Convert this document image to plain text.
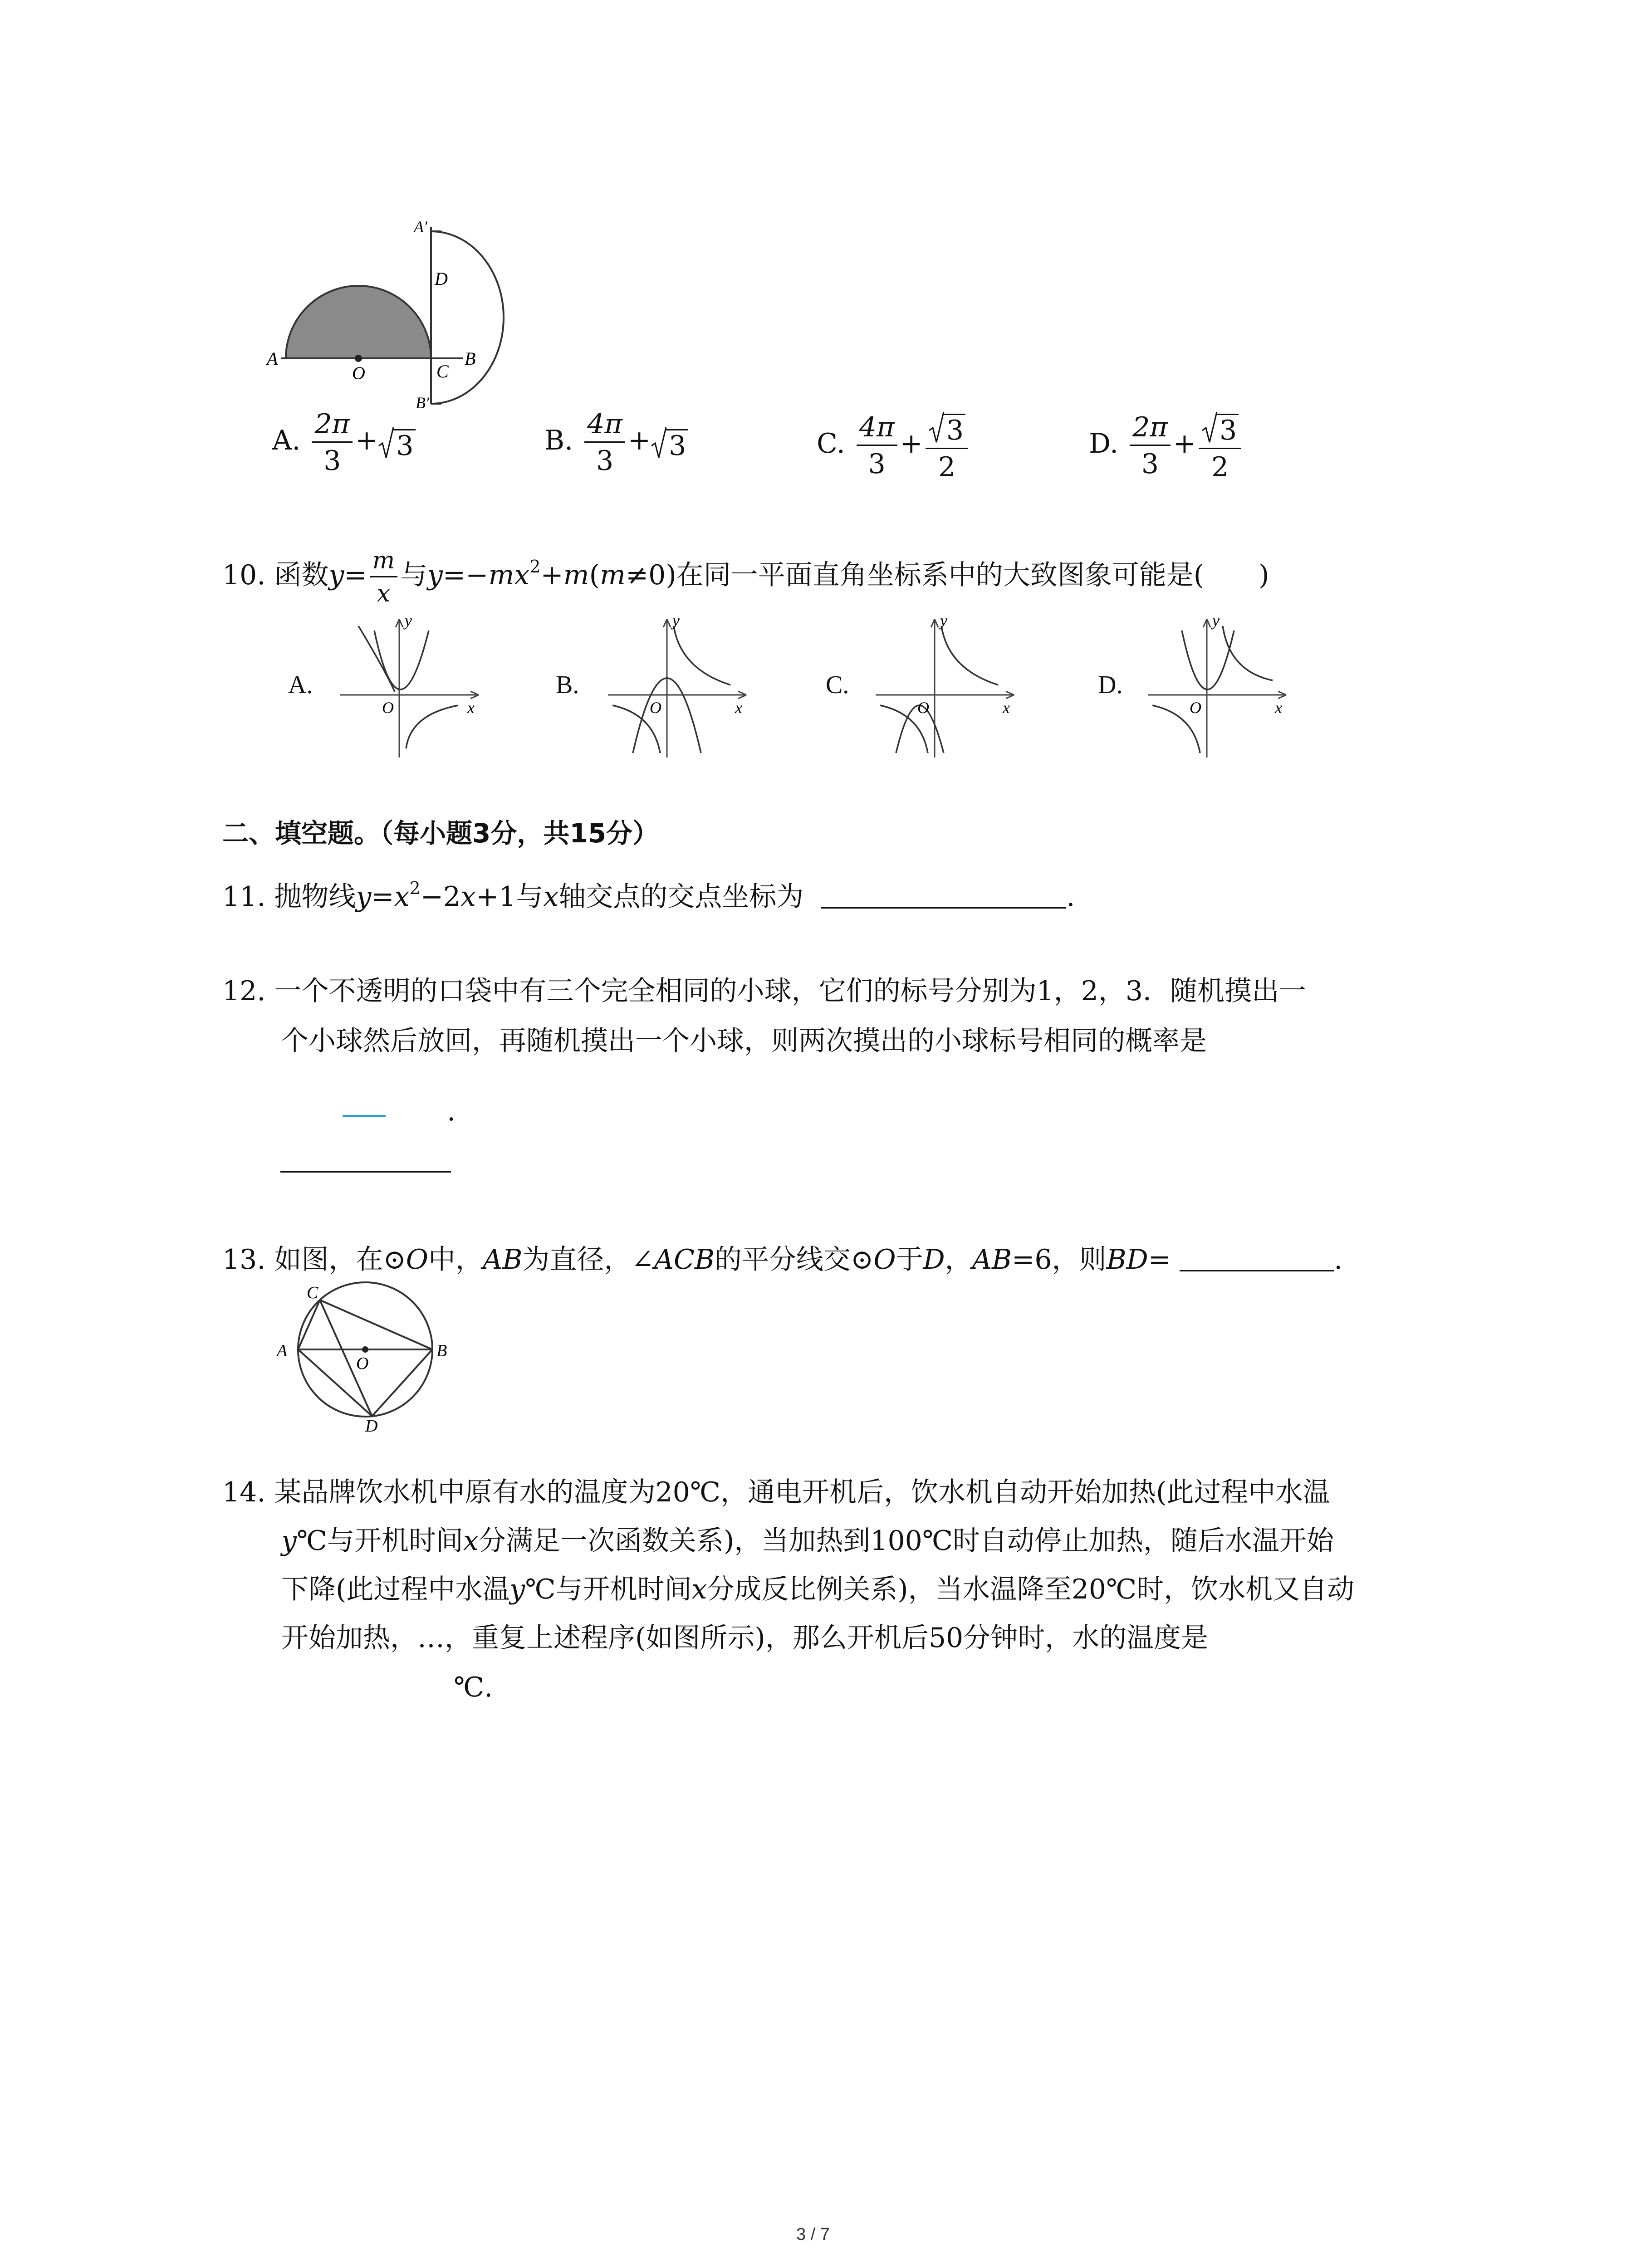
A′
D
A
O	C
B
B′
A. $\frac{2\pi}{3} + 3$	B. $\frac{4\pi}{3} + 3$	C. $\frac{4\pi}{3} + \frac{3}{2}$	D. $\frac{2\pi}{3} + \frac{3}{2}$
10. 函数$y= \frac{m}{x}$ 与$y=-mx^2+m(m\ne 0)$在同一平面直角坐标系中的大致图象可能是(　　)
A.	B.	C.	D.
y
x
O
y
x
O
y
x
O
y
x
O
二、填空题。（每小题3分，共15分）
11. 抛物线$y=x^2-2x+1$与x轴交点的交点坐标为	.
12. 一个不透明的口袋中有三个完全相同的小球，它们的标号分别为1，2，3．随机摸出一
个小球然后放回，再随机摸出一个小球，则两次摸出的小球标号相同的概率是
.
13. 如图，在⊙O中，AB为直径，∠ACB的平分线交⊙O于D，AB=6，则BD=	.
C
A
O
B
D
14. 某品牌饮水机中原有水的温度为20℃，通电开机后，饮水机自动开始加热(此过程中水温
y℃与开机时间x分满足一次函数关系)，当加热到100℃时自动停止加热，随后水温开始
下降(此过程中水温y℃与开机时间x分成反比例关系)，当水温降至20℃时，饮水机又自动
开始加热，…，重复上述程序(如图所示)，那么开机后50分钟时，水的温度是
℃.
3 / 7
